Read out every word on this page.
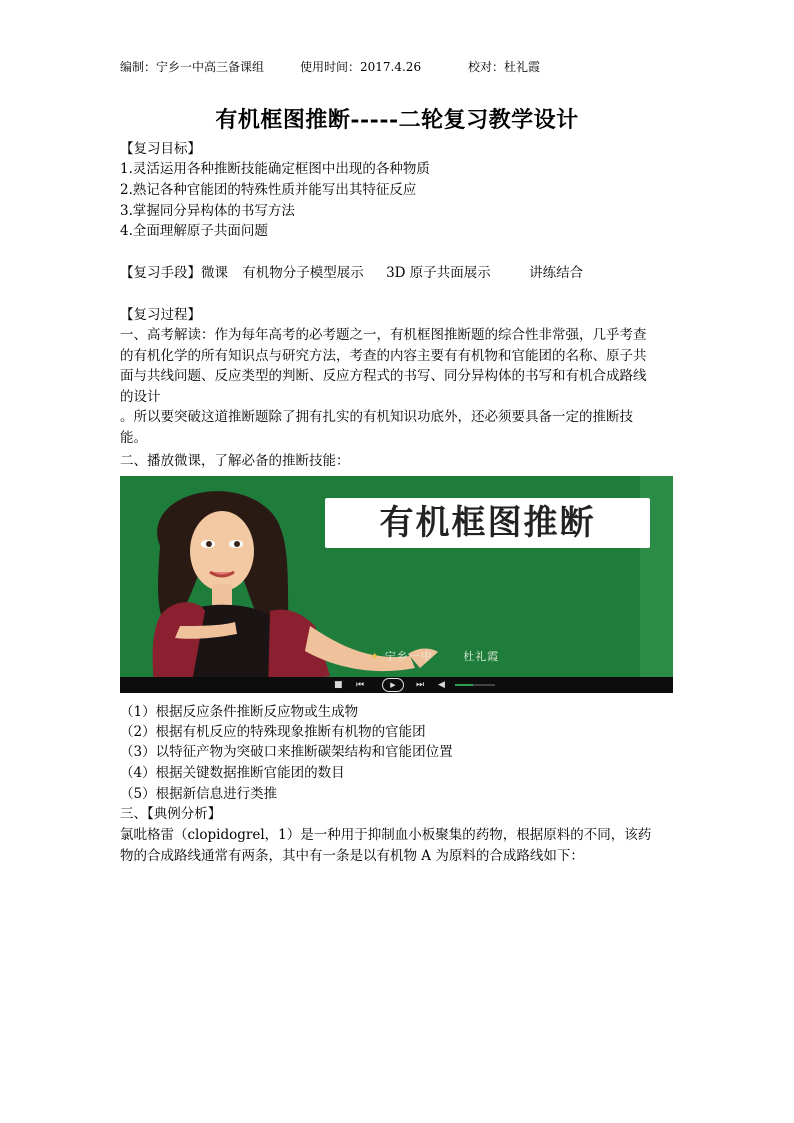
编制：宁乡一中高三备课组	使用时间：2017.4.26	校对：杜礼霞
有机框图推断-----二轮复习教学设计
【复习目标】
1.灵活运用各种推断技能确定框图中出现的各种物质
2.熟记各种官能团的特殊性质并能写出其特征反应
3.掌握同分异构体的书写方法
4.全面理解原子共面问题
【复习手段】微课 有机物分子模型展示 3D 原子共面展示	讲练结合
【复习过程】
一、高考解读：作为每年高考的必考题之一，有机框图推断题的综合性非常强，几乎考查
的有机化学的所有知识点与研究方法，考查的内容主要有有机物和官能团的名称、原子共
面与共线问题、反应类型的判断、反应方程式的书写、同分异构体的书写和有机合成路线
的设计
。所以要突破这道推断题除了拥有扎实的有机知识功底外，还必须要具备一定的推断技
能。
二、播放微课，了解必备的推断技能：
有机框图推断
✦ 宁乡一中	杜礼霞
■ ⏮	▶	⏭ ◀
（1）根据反应条件推断反应物或生成物
（2）根据有机反应的特殊现象推断有机物的官能团
（3）以特征产物为突破口来推断碳架结构和官能团位置
（4）根据关键数据推断官能团的数目
（5）根据新信息进行类推
三、【典例分析】
氯吡格雷（clopidogrel，1）是一种用于抑制血小板聚集的药物，根据原料的不同，该药
物的合成路线通常有两条，其中有一条是以有机物 A 为原料的合成路线如下：
